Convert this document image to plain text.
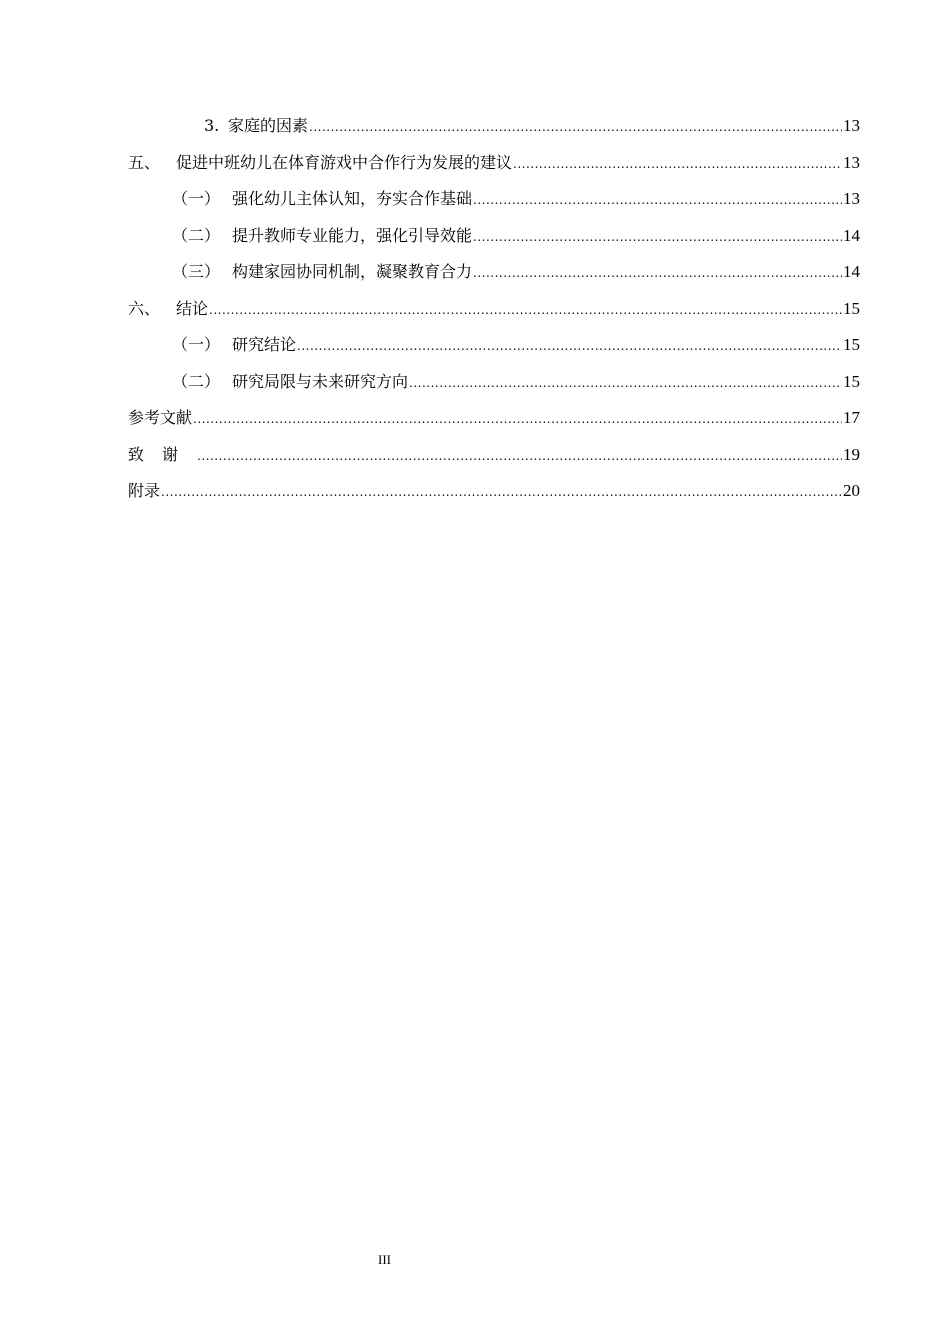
3. 家庭的因素 .....	13
五、 促进中班幼儿在体育游戏中合作行为发展的建议 .....	13
（一） 强化幼儿主体认知，夯实合作基础 .....	13
（二） 提升教师专业能力，强化引导效能 .....	14
（三） 构建家园协同机制，凝聚教育合力 .....	14
六、 结论 .....	15
（一） 研究结论 .....	15
（二） 研究局限与未来研究方向 .....	15
参考文献 .....	17
致谢 .....	19
附录 .....	20
III
